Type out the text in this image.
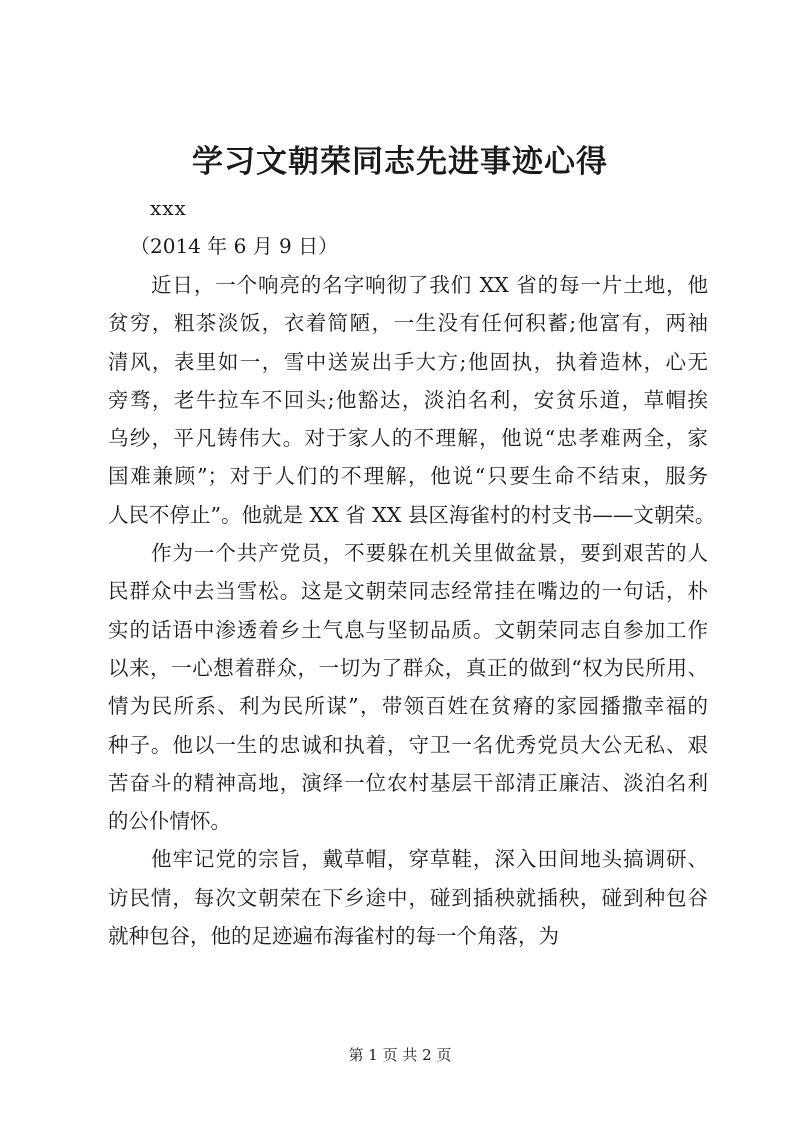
学习文朝荣同志先进事迹心得
xxx
（2014 年 6 月 9 日）
近日，一个响亮的名字响彻了我们 XX 省的每一片土地，他
贫穷，粗茶淡饭，衣着简陋，一生没有任何积蓄;他富有，两袖
清风，表里如一，雪中送炭出手大方;他固执，执着造林，心无
旁骛，老牛拉车不回头;他豁达，淡泊名利，安贫乐道，草帽挨
乌纱，平凡铸伟大。对于家人的不理解，他说“忠孝难两全，家
国难兼顾”；对于人们的不理解，他说“只要生命不结束，服务
人民不停止”。他就是 XX 省 XX 县区海雀村的村支书——文朝荣。
作为一个共产党员，不要躲在机关里做盆景，要到艰苦的人
民群众中去当雪松。这是文朝荣同志经常挂在嘴边的一句话，朴
实的话语中渗透着乡土气息与坚韧品质。文朝荣同志自参加工作
以来，一心想着群众，一切为了群众，真正的做到“权为民所用、
情为民所系、利为民所谋”，带领百姓在贫瘠的家园播撒幸福的
种子。他以一生的忠诚和执着，守卫一名优秀党员大公无私、艰
苦奋斗的精神高地，演绎一位农村基层干部清正廉洁、淡泊名利
的公仆情怀。
他牢记党的宗旨，戴草帽，穿草鞋，深入田间地头搞调研、
访民情，每次文朝荣在下乡途中，碰到插秧就插秧，碰到种包谷
就种包谷，他的足迹遍布海雀村的每一个角落，为
第 1 页 共 2 页
